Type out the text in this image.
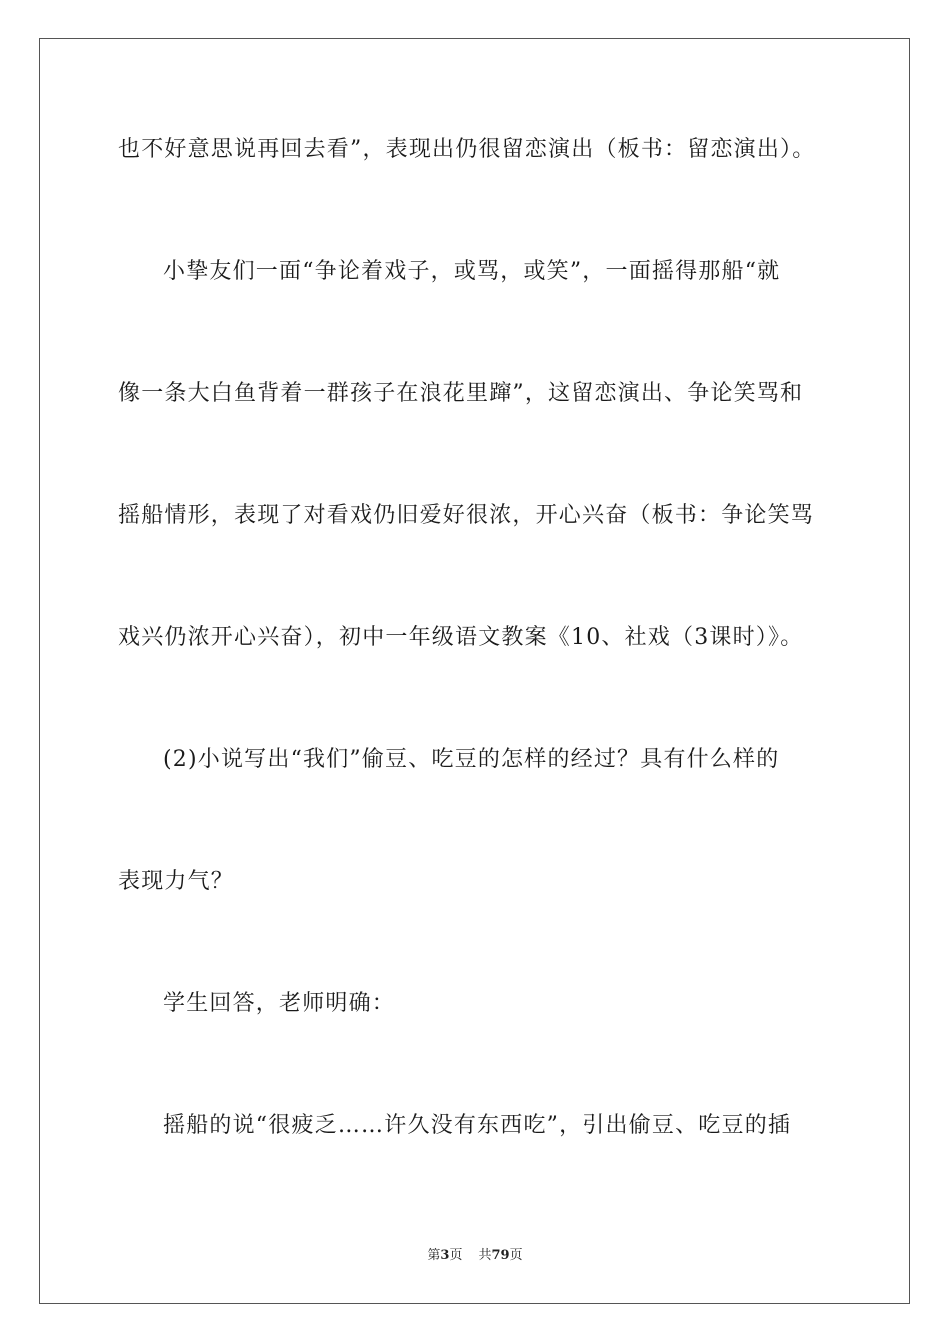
也不好意思说再回去看”，表现出仍很留恋演出（板书：留恋演出）。
小挚友们一面“争论着戏子，或骂，或笑”，一面摇得那船“就
像一条大白鱼背着一群孩子在浪花里蹿”，这留恋演出、争论笑骂和
摇船情形，表现了对看戏仍旧爱好很浓，开心兴奋（板书：争论笑骂
戏兴仍浓开心兴奋），初中一年级语文教案《10、社戏（3课时）》。
(2)小说写出“我们”偷豆、吃豆的怎样的经过？具有什么样的
表现力气？
学生回答，老师明确：
摇船的说“很疲乏……许久没有东西吃”，引出偷豆、吃豆的插
第3页 共79页
